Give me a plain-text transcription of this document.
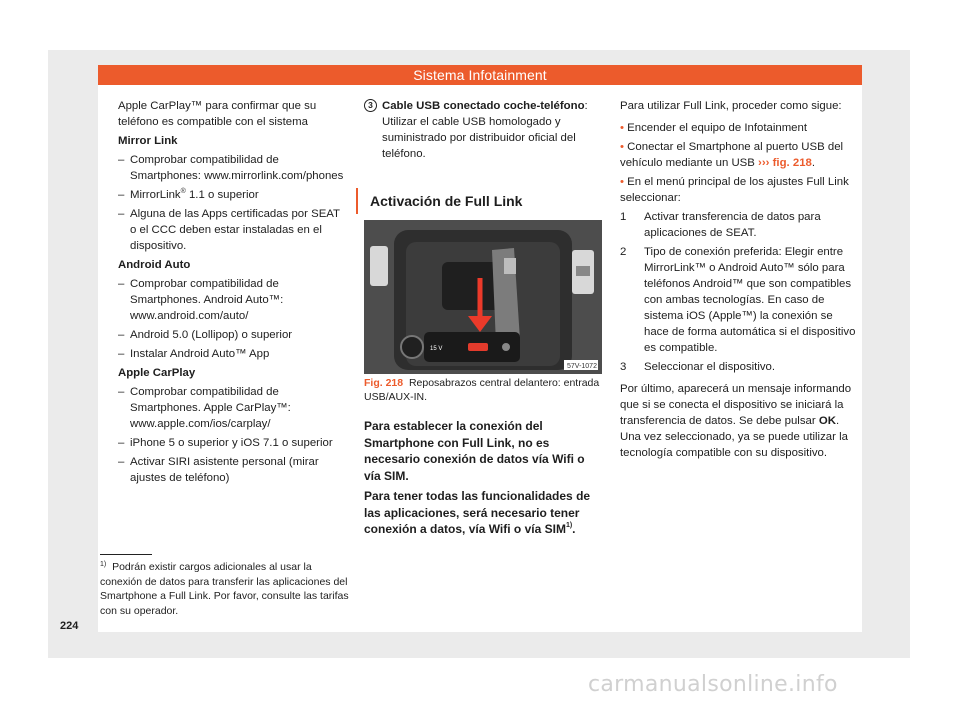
Sistema Infotainment

Apple CarPlay™ para confirmar que su teléfono es compatible con el sistema

Mirror Link

– Comprobar compatibilidad de Smartphones: www.mirrorlink.com/phones

– MirrorLink® 1.1 o superior

– Alguna de las Apps certificadas por SEAT o el CCC deben estar instaladas en el dispositivo.

Android Auto

– Comprobar compatibilidad de Smartphones. Android Auto™: www.android.com/auto/

– Android 5.0 (Lollipop) o superior

– Instalar Android Auto™ App

Apple CarPlay

– Comprobar compatibilidad de Smartphones. Apple CarPlay™: www.apple.com/ios/carplay/

– iPhone 5 o superior y iOS 7.1 o superior

– Activar SIRI asistente personal (mirar ajustes de teléfono)

3 Cable USB conectado coche-teléfono:

Utilizar el cable USB homologado y suministrado por distribuidor oficial del teléfono.

Activación de Full Link
15 V
57V-1072

Fig. 218 Reposabrazos central delantero: entrada USB/AUX-IN.

Para establecer la conexión del Smartphone con Full Link, no es necesario conexión de datos vía Wifi o vía SIM.

Para tener todas las funcionalidades de las aplicaciones, será necesario tener conexión a datos, vía Wifi o vía SIM$^{1)}$.

Para utilizar Full Link, proceder como sigue:

• Encender el equipo de Infotainment

• Conectar el Smartphone al puerto USB del vehículo mediante un USB ››› fig. 218.

• En el menú principal de los ajustes Full Link seleccionar:

1 Activar transferencia de datos para aplicaciones de SEAT.

2 Tipo de conexión preferida: Elegir entre MirrorLink™ o Android Auto™ sólo para teléfonos Android™ que son compatibles con ambas tecnologías. En caso de sistema iOS (Apple™) la conexión se hace de forma automática si el dispositivo es compatible.

3 Seleccionar el dispositivo.

Por último, aparecerá un mensaje informando que si se conecta el dispositivo se iniciará la transferencia de datos. Se debe pulsar OK. Una vez seleccionado, ya se puede utilizar la tecnología compatible con su dispositivo.

$^{1)}$ Podrán existir cargos adicionales al usar la conexión de datos para transferir las aplicaciones del Smartphone a Full Link. Por favor, consulte las tarifas con su operador.

224
carmanualsonline.info
